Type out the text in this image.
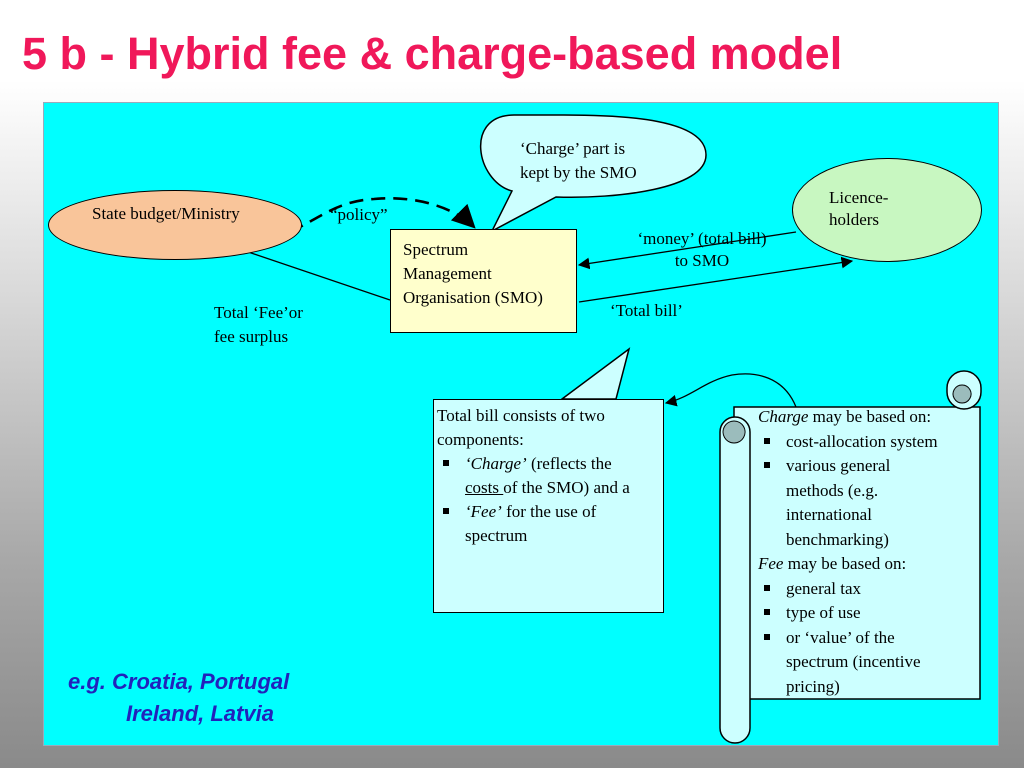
5 b - Hybrid fee & charge-based model
State budget/Ministry
Licence-
holders
Spectrum
Management
Organisation (SMO)
‘Charge’ part is
kept by the SMO
“policy”
‘money’ (total bill)
to SMO
‘Total bill’
Total ‘Fee’or
fee surplus
Total bill consists of two
components:
‘Charge’ (reflects the
costs of the SMO) and a
‘Fee’ for the use of
spectrum
Charge may be based on:
cost-allocation system
various general
methods (e.g.
international
benchmarking)
Fee may be based on:
general tax
type of use
or ‘value’ of the
spectrum (incentive
pricing)
e.g. Croatia, Portugal
Ireland, Latvia
